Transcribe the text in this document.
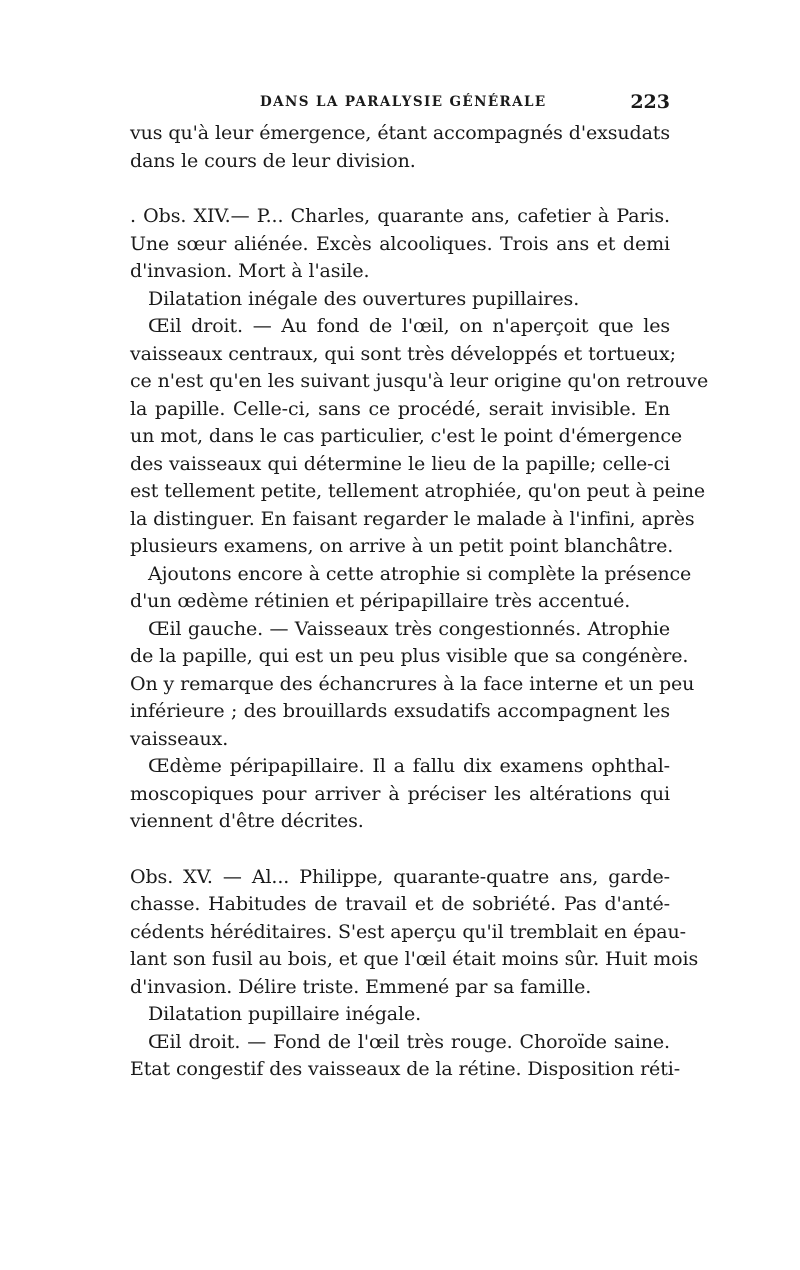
DANS LA PARALYSIE GÉNÉRALE	223
vus qu'à leur émergence, étant accompagnés d'exsudats
dans le cours de leur division.
. Obs. XIV.— P... Charles, quarante ans, cafetier à Paris.
Une sœur aliénée. Excès alcooliques. Trois ans et demi
d'invasion. Mort à l'asile.
Dilatation inégale des ouvertures pupillaires.
Œil droit. — Au fond de l'œil, on n'aperçoit que les
vaisseaux centraux, qui sont très développés et tortueux;
ce n'est qu'en les suivant jusqu'à leur origine qu'on retrouve
la papille. Celle-ci, sans ce procédé, serait invisible. En
un mot, dans le cas particulier, c'est le point d'émergence
des vaisseaux qui détermine le lieu de la papille; celle-ci
est tellement petite, tellement atrophiée, qu'on peut à peine
la distinguer. En faisant regarder le malade à l'infini, après
plusieurs examens, on arrive à un petit point blanchâtre.
Ajoutons encore à cette atrophie si complète la présence
d'un œdème rétinien et péripapillaire très accentué.
Œil gauche. — Vaisseaux très congestionnés. Atrophie
de la papille, qui est un peu plus visible que sa congénère.
On y remarque des échancrures à la face interne et un peu
inférieure ; des brouillards exsudatifs accompagnent les
vaisseaux.
Œdème péripapillaire. Il a fallu dix examens ophthal-
moscopiques pour arriver à préciser les altérations qui
viennent d'être décrites.
Obs. XV. — Al... Philippe, quarante-quatre ans, garde-
chasse. Habitudes de travail et de sobriété. Pas d'anté-
cédents héréditaires. S'est aperçu qu'il tremblait en épau-
lant son fusil au bois, et que l'œil était moins sûr. Huit mois
d'invasion. Délire triste. Emmené par sa famille.
Dilatation pupillaire inégale.
Œil droit. — Fond de l'œil très rouge. Choroïde saine.
Etat congestif des vaisseaux de la rétine. Disposition réti-
